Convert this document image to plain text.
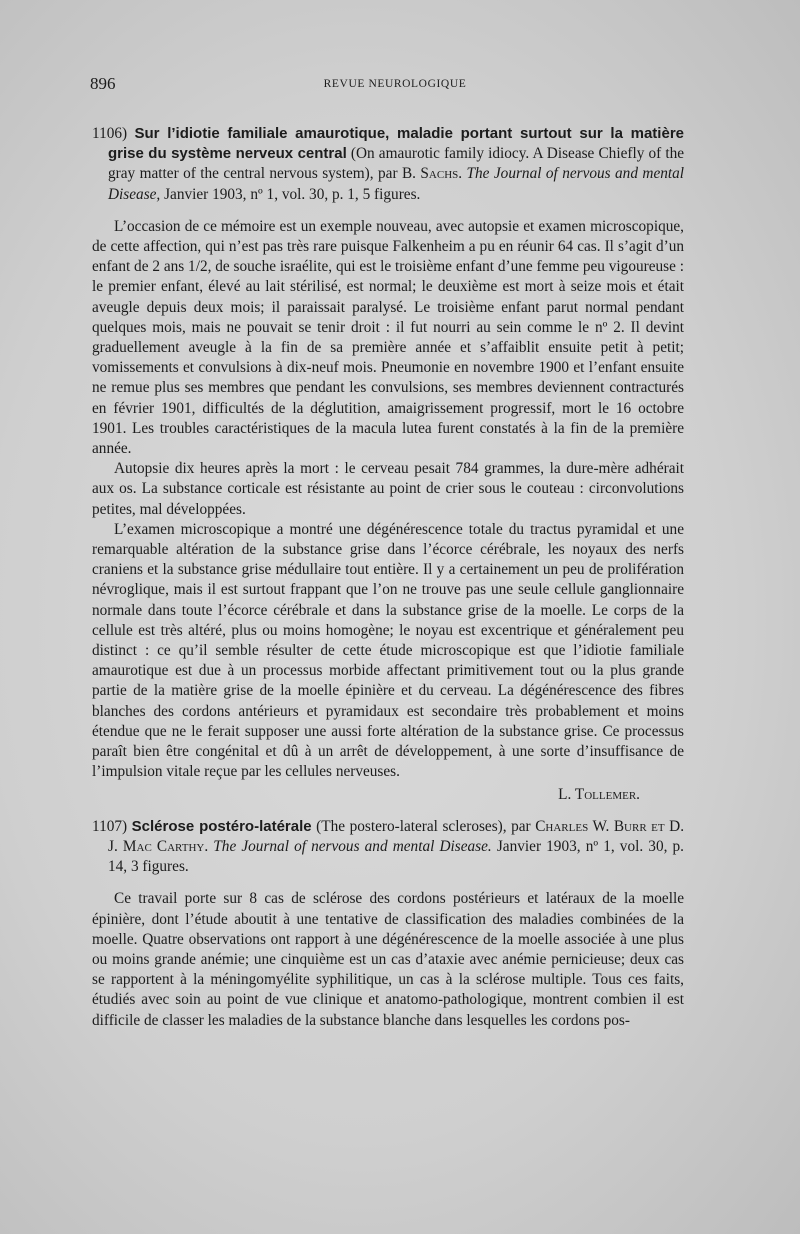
896	REVUE NEUROLOGIQUE

1106) Sur l’idiotie familiale amaurotique, maladie portant surtout sur la matière grise du système nerveux central (On amaurotic family idiocy. A Disease Chiefly of the gray matter of the central nervous system), par B. Sachs. The Journal of nervous and mental Disease, Janvier 1903, nº 1, vol. 30, p. 1, 5 figures.

L’occasion de ce mémoire est un exemple nouveau, avec autopsie et examen microscopique, de cette affection, qui n’est pas très rare puisque Falkenheim a pu en réunir 64 cas. Il s’agit d’un enfant de 2 ans 1/2, de souche israélite, qui est le troisième enfant d’une femme peu vigoureuse : le premier enfant, élevé au lait stérilisé, est normal; le deuxième est mort à seize mois et était aveugle depuis deux mois; il paraissait paralysé. Le troisième enfant parut normal pendant quelques mois, mais ne pouvait se tenir droit : il fut nourri au sein comme le nº 2. Il devint graduellement aveugle à la fin de sa première année et s’affaiblit ensuite petit à petit; vomissements et convulsions à dix-neuf mois. Pneumonie en novembre 1900 et l’enfant ensuite ne remue plus ses membres que pendant les convulsions, ses membres deviennent contracturés en février 1901, difficultés de la déglutition, amaigrissement progressif, mort le 16 octobre 1901. Les troubles caractéristiques de la macula lutea furent constatés à la fin de la première année.

Autopsie dix heures après la mort : le cerveau pesait 784 grammes, la dure-mère adhérait aux os. La substance corticale est résistante au point de crier sous le couteau : circonvolutions petites, mal développées.

L’examen microscopique a montré une dégénérescence totale du tractus pyramidal et une remarquable altération de la substance grise dans l’écorce cérébrale, les noyaux des nerfs craniens et la substance grise médullaire tout entière. Il y a certainement un peu de prolifération névroglique, mais il est surtout frappant que l’on ne trouve pas une seule cellule ganglionnaire normale dans toute l’écorce cérébrale et dans la substance grise de la moelle. Le corps de la cellule est très altéré, plus ou moins homogène; le noyau est excentrique et généralement peu distinct : ce qu’il semble résulter de cette étude microscopique est que l’idiotie familiale amaurotique est due à un processus morbide affectant primitivement tout ou la plus grande partie de la matière grise de la moelle épinière et du cerveau. La dégénérescence des fibres blanches des cordons antérieurs et pyramidaux est secondaire très probablement et moins étendue que ne le ferait supposer une aussi forte altération de la substance grise. Ce processus paraît bien être congénital et dû à un arrêt de développement, à une sorte d’insuffisance de l’impulsion vitale reçue par les cellules nerveuses.

L. Tollemer.

1107) Sclérose postéro-latérale (The postero-lateral scleroses), par Charles W. Burr et D. J. Mac Carthy. The Journal of nervous and mental Disease. Janvier 1903, nº 1, vol. 30, p. 14, 3 figures.

Ce travail porte sur 8 cas de sclérose des cordons postérieurs et latéraux de la moelle épinière, dont l’étude aboutit à une tentative de classification des maladies combinées de la moelle. Quatre observations ont rapport à une dégénérescence de la moelle associée à une plus ou moins grande anémie; une cinquième est un cas d’ataxie avec anémie pernicieuse; deux cas se rapportent à la méningomyélite syphilitique, un cas à la sclérose multiple. Tous ces faits, étudiés avec soin au point de vue clinique et anatomo-pathologique, montrent combien il est difficile de classer les maladies de la substance blanche dans lesquelles les cordons pos-
